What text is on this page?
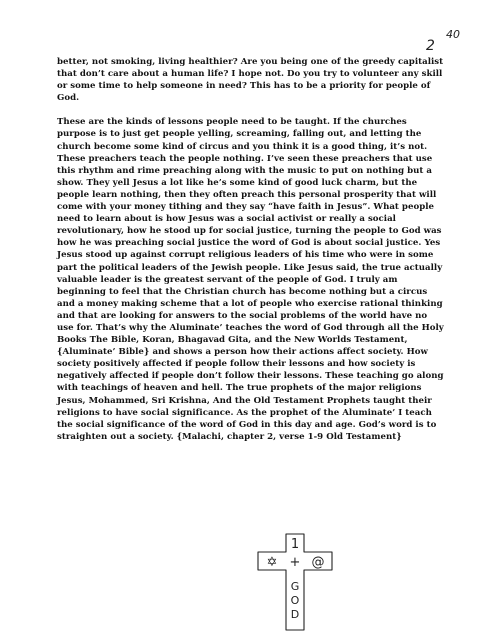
2
40

better, not smoking, living healthier? Are you being one of the greedy capitalist that don’t care about a human life? I hope not. Do you try to volunteer any skill or some time to help someone in need? This has to be a priority for people of God.

These are the kinds of lessons people need to be taught. If the churches purpose is to just get people yelling, screaming, falling out, and letting the church become some kind of circus and you think it is a good thing, it’s not. These preachers teach the people nothing. I’ve seen these preachers that use this rhythm and rime preaching along with the music to put on nothing but a show. They yell Jesus a lot like he’s some kind of good luck charm, but the people learn nothing, then they often preach this personal prosperity that will come with your money tithing and they say “have faith in Jesus”. What people need to learn about is how Jesus was a social activist or really a social revolutionary, how he stood up for social justice, turning the people to God was how he was preaching social justice the word of God is about social justice. Yes Jesus stood up against corrupt religious leaders of his time who were in some part the political leaders of the Jewish people. Like Jesus said, the true actually valuable leader is the greatest servant of the people of God. I truly am beginning to feel that the Christian church has become nothing but a circus and a money making scheme that a lot of people who exercise rational thinking and that are looking for answers to the social problems of the world have no use for. That’s why the Aluminate’ teaches the word of God through all the Holy Books The Bible, Koran, Bhagavad Gita, and the New Worlds Testament, {Aluminate’ Bible} and shows a person how their actions affect society. How society positively affected if people follow their lessons and how society is negatively affected if people don’t follow their lessons. These teaching go along with teachings of heaven and hell. The true prophets of the major religions Jesus, Mohammed, Sri Krishna, And the Old Testament Prophets taught their religions to have social significance. As the prophet of the Aluminate’ I teach the social significance of the word of God in this day and age. God’s word is to straighten out a society. {Malachi, chapter 2, verse 1-9 Old Testament}

1
✡ + @
G
O
D
